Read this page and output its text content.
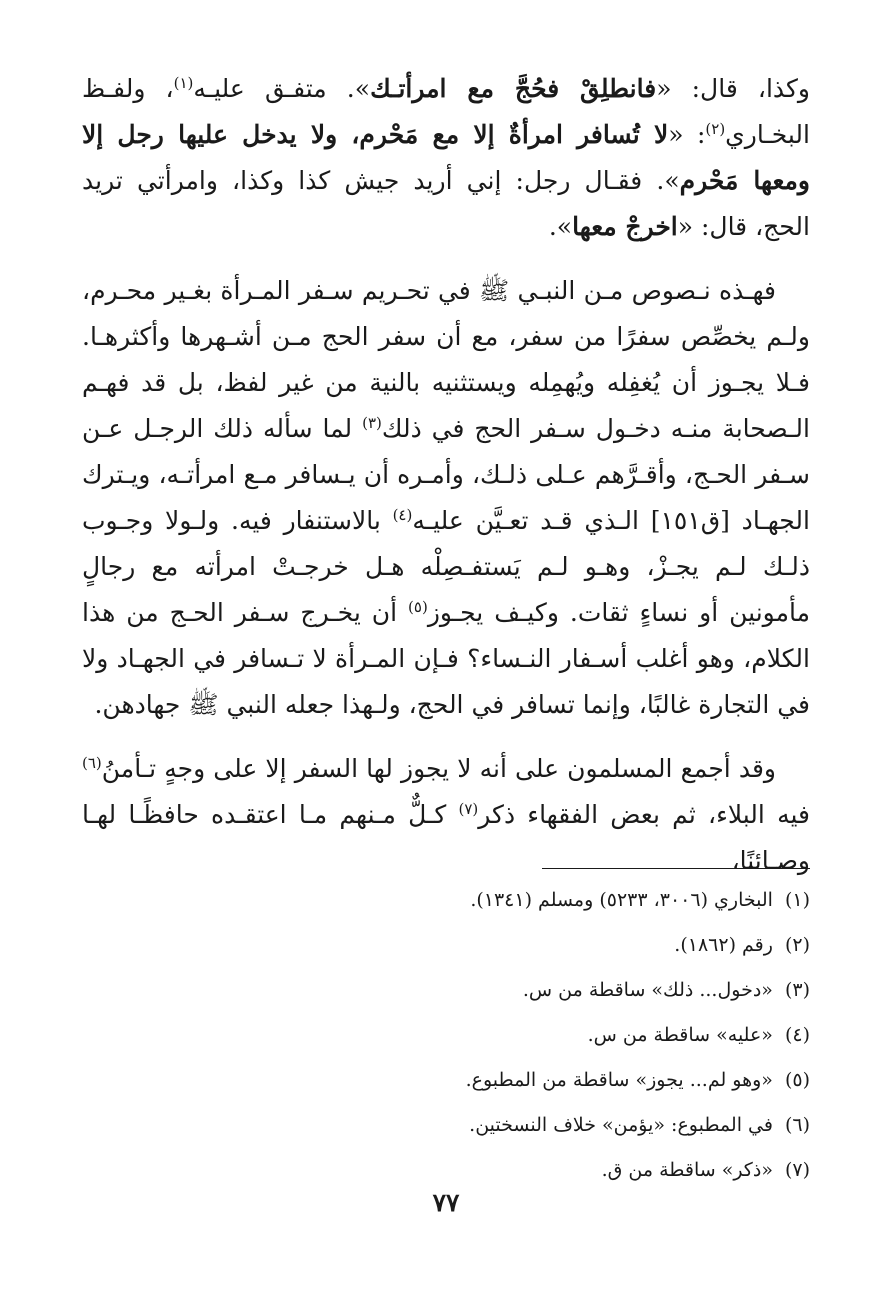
وكذا، قال: «فانطلِقْ فحُجَّ مع امرأتـك». متفـق عليـه$^{(١)}$، ولفـظ البخـاري$^{(٢)}$: «لا تُسافر امرأةٌ إلا مع مَحْرم، ولا يدخل عليها رجل إلا ومعها مَحْرم». فقـال رجل: إني أريد جيش كذا وكذا، وامرأتي تريد الحج، قال: «اخرجْ معها».

فهـذه نـصوص مـن النبـي ﷺ في تحـريم سـفر المـرأة بغـير محـرم، ولـم يخصِّص سفرًا من سفر، مع أن سفر الحج مـن أشـهرها وأكثرهـا. فـلا يجـوز أن يُغفِله ويُهمِله ويستثنيه بالنية من غير لفظ، بل قد فهـم الـصحابة منـه دخـول سـفر الحج في ذلك$^{(٣)}$ لما سأله ذلك الرجـل عـن سـفر الحـج، وأقـرَّهم عـلى ذلـك، وأمـره أن يـسافر مـع امرأتـه، ويـترك الجهـاد [ق١٥١] الـذي قـد تعـيَّن عليـه$^{(٤)}$ بالاستنفار فيه. ولـولا وجـوب ذلـك لـم يجـزْ، وهـو لـم يَستفـصِلْه هـل خرجـتْ امرأته مع رجالٍ مأمونين أو نساءٍ ثقات. وكيـف يجـوز$^{(٥)}$ أن يخـرج سـفر الحـج من هذا الكلام، وهو أغلب أسـفار النـساء؟ فـإن المـرأة لا تـسافر في الجهـاد ولا في التجارة غالبًا، وإنما تسافر في الحج، ولـهذا جعله النبي ﷺ جهادهن.

وقد أجمع المسلمون على أنه لا يجوز لها السفر إلا على وجهٍ تـأمنُ$^{(٦)}$ فيه البلاء، ثم بعض الفقهاء ذكر$^{(٧)}$ كـلٌّ مـنهم مـا اعتقـده حافظًـا لهـا وصـائنًا،

(١)البخاري (٣٠٠٦، ٥٢٣٣) ومسلم (١٣٤١).
(٢)رقم (١٨٦٢).
(٣)«دخول... ذلك» ساقطة من س.
(٤)«عليه» ساقطة من س.
(٥)«وهو لم... يجوز» ساقطة من المطبوع.
(٦)في المطبوع: «يؤمن» خلاف النسختين.
(٧)«ذكر» ساقطة من ق.
٧٧
